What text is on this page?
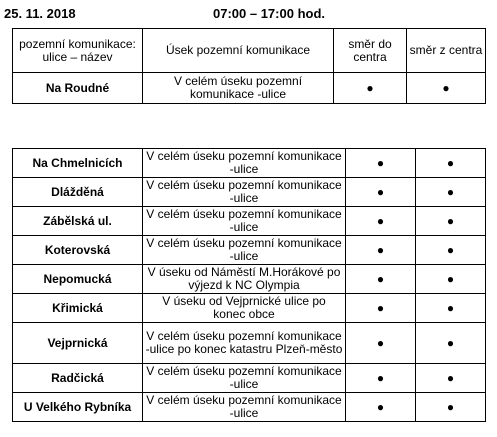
25. 11. 2018	07:00 – 17:00 hod.
pozemní komunikace: ulice – název	Úsek pozemní komunikace	směr do centra	směr z centra

Na Roudné	V celém úseku pozemní komunikace -ulice	●	●
Na Chmelnicích	V celém úseku pozemní komunikace -ulice	●	●
Dlážděná	V celém úseku pozemní komunikace -ulice	●	●
Zábělská ul.	V celém úseku pozemní komunikace -ulice	●	●
Koterovská	V celém úseku pozemní komunikace -ulice	●	●
Nepomucká	V úseku od Náměstí M.Horákové po výjezd k NC Olympia	●	●
Křimická	V úseku od Vejprnické ulice po konec obce	●	●
Vejprnická	V celém úseku pozemní komunikace -ulice po konec katastru Plzeň-město	●	●
Radčická	V celém úseku pozemní komunikace -ulice	●	●
U Velkého Rybníka	V celém úseku pozemní komunikace -ulice	●	●
